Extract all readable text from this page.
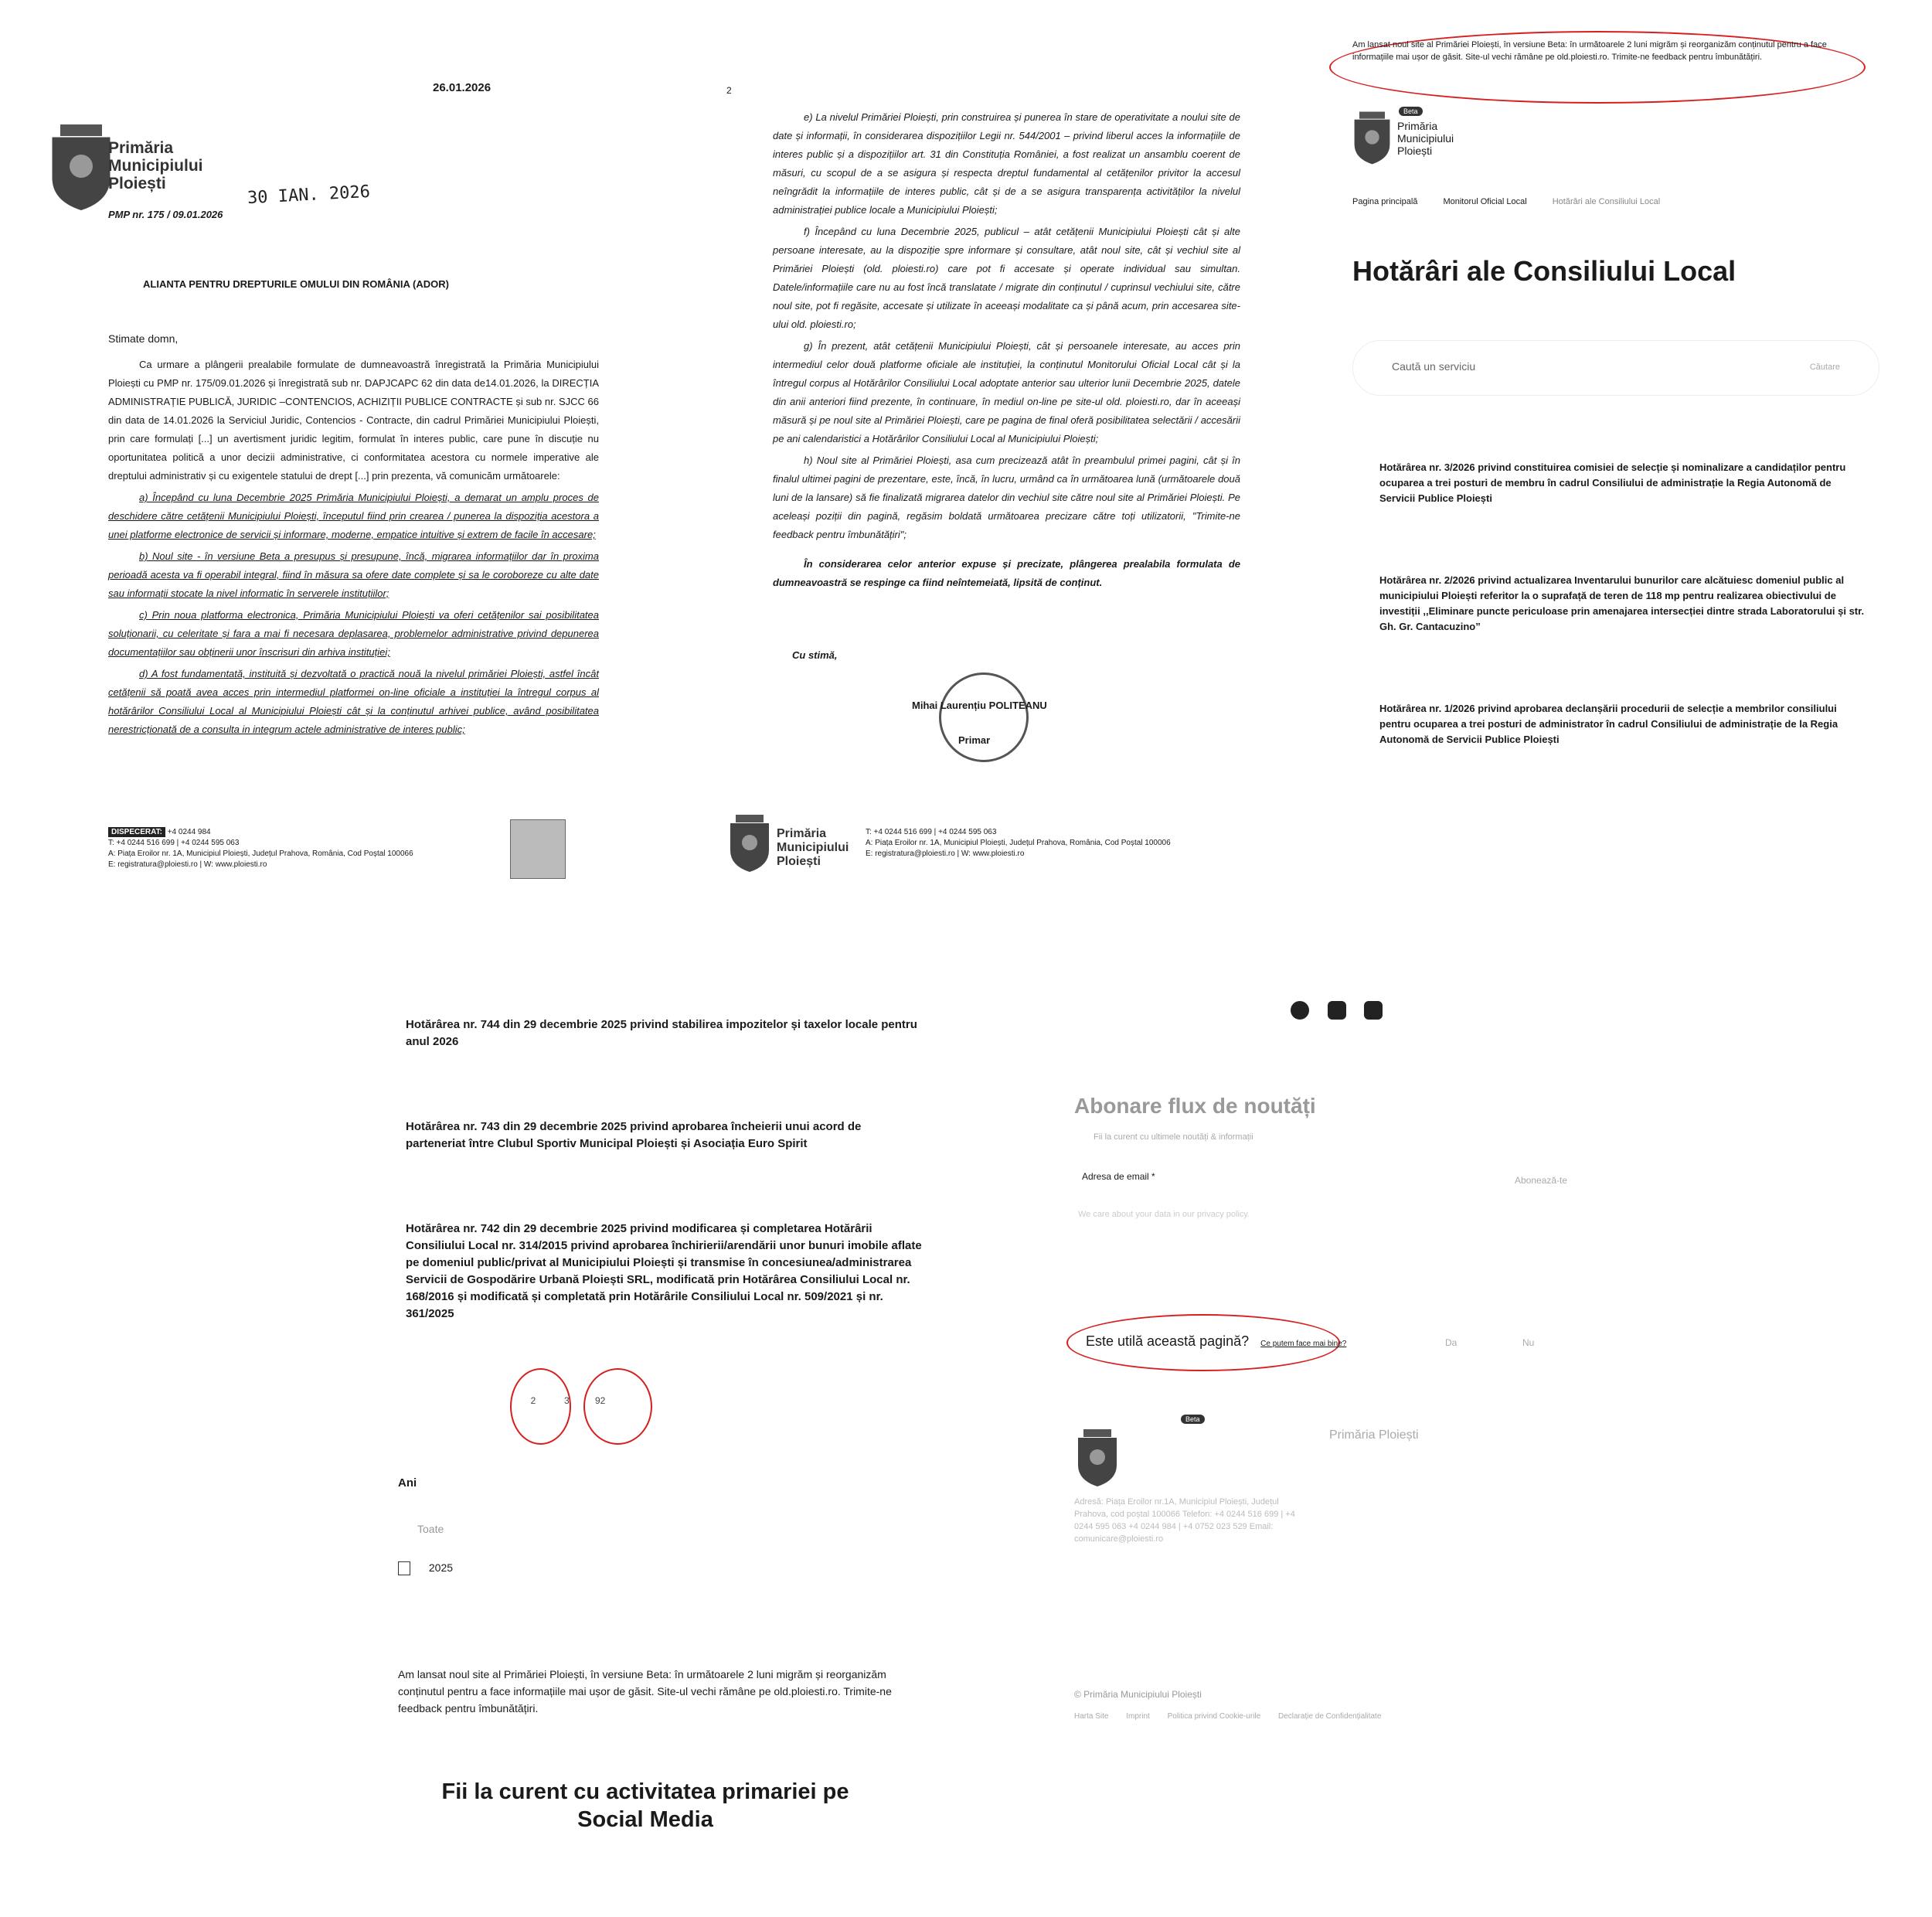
26.01.2026
Primăria
Municipiului
Ploiești	30 IAN. 2026
PMP nr. 175 / 09.01.2026
ALIANTA PENTRU DREPTURILE OMULUI DIN ROMÂNIA (ADOR)
Stimate domn,

Ca urmare a plângerii prealabile formulate de dumneavoastră înregistrată la Primăria Municipiului Ploiești cu PMP nr. 175/09.01.2026 și înregistrată sub nr. DAPJCAPC 62 din data de14.01.2026, la DIRECȚIA ADMINISTRAȚIE PUBLICĂ, JURIDIC –CONTENCIOS, ACHIZIȚII PUBLICE CONTRACTE și sub nr. SJCC 66 din data de 14.01.2026 la Serviciul Juridic, Contencios - Contracte, din cadrul Primăriei Municipiului Ploiești, prin care formulați [...] un avertisment juridic legitim, formulat în interes public, care pune în discuție nu oportunitatea politică a unor decizii administrative, ci conformitatea acestora cu normele imperative ale dreptului administrativ și cu exigentele statului de drept [...] prin prezenta, vă comunicăm următoarele:

a) Începând cu luna Decembrie 2025 Primăria Municipiului Ploiești, a demarat un amplu proces de deschidere către cetățenii Municipiului Ploiești, începutul fiind prin crearea / punerea la dispoziția acestora a unei platforme electronice de servicii și informare, moderne, empatice intuitive și extrem de facile în accesare;

b) Noul site - în versiune Beta a presupus și presupune, încă, migrarea informațiilor dar în proxima perioadă acesta va fi operabil integral, fiind în măsura sa ofere date complete și sa le coroboreze cu alte date sau informații stocate la nivel informatic în serverele instituțiilor;

c) Prin noua platforma electronica, Primăria Municipiului Ploiești va oferi cetățenilor sai posibilitatea soluționarii, cu celeritate și fara a mai fi necesara deplasarea, problemelor administrative privind depunerea documentațiilor sau obținerii unor înscrisuri din arhiva instituției;

d) A fost fundamentată, instituită și dezvoltată o practică nouă la nivelul primăriei Ploiești, astfel încât cetățenii să poată avea acces prin intermediul platformei on-line oficiale a instituției la întregul corpus al hotărârilor Consiliului Local al Municipiului Ploiești cât și la conținutul arhivei publice, având posibilitatea nerestricționată de a consulta in integrum actele administrative de interes public;

DISPECERAT: +4 0244 984
T: +4 0244 516 699 | +4 0244 595 063
A: Piața Eroilor nr. 1A, Municipiul Ploiești, Județul Prahova, România, Cod Poștal 100066
E: registratura@ploiesti.ro | W: www.ploiesti.ro
2

e) La nivelul Primăriei Ploiești, prin construirea și punerea în stare de operativitate a noului site de date și informații, în considerarea dispozițiilor Legii nr. 544/2001 – privind liberul acces la informațiile de interes public și a dispozițiilor art. 31 din Constituția României, a fost realizat un ansamblu coerent de măsuri, cu scopul de a se asigura și respecta dreptul fundamental al cetățenilor privitor la accesul neîngrădit la informațiile de interes public, cât și de a se asigura transparența activităților la nivelul administrației publice locale a Municipiului Ploiești;

f) Începând cu luna Decembrie 2025, publicul – atât cetățenii Municipiului Ploiești cât și alte persoane interesate, au la dispoziție spre informare și consultare, atât noul site, cât și vechiul site al Primăriei Ploiești (old. ploiesti.ro) care pot fi accesate și operate individual sau simultan. Datele/informațiile care nu au fost încă translatate / migrate din conținutul / cuprinsul vechiului site, către noul site, pot fi regăsite, accesate și utilizate în aceeași modalitate ca și până acum, prin accesarea site-ului old. ploiesti.ro;

g) În prezent, atât cetățenii Municipiului Ploiești, cât și persoanele interesate, au acces prin intermediul celor două platforme oficiale ale instituției, la conținutul Monitorului Oficial Local cât și la întregul corpus al Hotărârilor Consiliului Local adoptate anterior sau ulterior lunii Decembrie 2025, datele din anii anteriori fiind prezente, în continuare, în mediul on-line pe site-ul old. ploiesti.ro, dar în aceeași măsură și pe noul site al Primăriei Ploiești, care pe pagina de final oferă posibilitatea selectării / accesării pe ani calendaristici a Hotărârilor Consiliului Local al Municipiului Ploiești;

h) Noul site al Primăriei Ploiești, asa cum precizează atât în preambulul primei pagini, cât și în finalul ultimei pagini de prezentare, este, încă, în lucru, urmând ca în următoarea lună (următoarele două luni de la lansare) să fie finalizată migrarea datelor din vechiul site către noul site al Primăriei Ploiești. Pe aceleași poziții din pagină, regăsim boldată următoarea precizare către toți utilizatorii, "Trimite-ne feedback pentru îmbunătățiri";

În considerarea celor anterior expuse și precizate, plângerea prealabila formulata de dumneavoastră se respinge ca fiind neîntemeiată, lipsită de conținut.

Cu stimă,
Mihai Laurențiu POLITEANU
Primar
Primăria
Municipiului
Ploiești
T: +4 0244 516 699 | +4 0244 595 063
A: Piața Eroilor nr. 1A, Municipiul Ploiești, Județul Prahova, România, Cod Poștal 100006
E: registratura@ploiesti.ro | W: www.ploiesti.ro
Am lansat noul site al Primăriei Ploiești, în versiune Beta: în următoarele 2 luni migrăm și reorganizăm conținutul pentru a face informațiile mai ușor de găsit. Site-ul vechi rămâne pe old.ploiesti.ro. Trimite-ne feedback pentru îmbunătățiri.
Beta
Primăria
Municipiului
Ploiești
Pagina principală	Monitorul Oficial Local	Hotărâri ale Consiliului Local
Hotărâri ale Consiliului Local
Caută un serviciu	Căutare
Hotărârea nr. 3/2026 privind constituirea comisiei de selecție și nominalizare a candidaților pentru ocuparea a trei posturi de membru în cadrul Consiliului de administrație la Regia Autonomă de Servicii Publice Ploiești
Hotărârea nr. 2/2026 privind actualizarea Inventarului bunurilor care alcătuiesc domeniul public al municipiului Ploiești referitor la o suprafață de teren de 118 mp pentru realizarea obiectivului de investiții ,,Eliminare puncte periculoase prin amenajarea intersecției dintre strada Laboratorului și str. Gh. Gr. Cantacuzino”
Hotărârea nr. 1/2026 privind aprobarea declanșării procedurii de selecție a membrilor consiliului pentru ocuparea a trei posturi de administrator în cadrul Consiliului de administrație de la Regia Autonomă de Servicii Publice Ploiești
Hotărârea nr. 744 din 29 decembrie 2025 privind stabilirea impozitelor și taxelor locale pentru anul 2026
Hotărârea nr. 743 din 29 decembrie 2025 privind aprobarea încheierii unui acord de parteneriat între Clubul Sportiv Municipal Ploiești și Asociația Euro Spirit
Hotărârea nr. 742 din 29 decembrie 2025 privind modificarea și completarea Hotărârii Consiliului Local nr. 314/2015 privind aprobarea închirierii/arendării unor bunuri imobile aflate pe domeniul public/privat al Municipiului Ploiești și transmise în concesiunea/administrarea Servicii de Gospodărire Urbană Ploiești SRL, modificată prin Hotărârea Consiliului Local nr. 168/2016 și modificată și completată prin Hotărârile Consiliului Local nr. 509/2021 și nr. 361/2025
2	3	92
Ani
Toate
2025
Am lansat noul site al Primăriei Ploiești, în versiune Beta: în următoarele 2 luni migrăm și reorganizăm conținutul pentru a face informațiile mai ușor de găsit. Site-ul vechi rămâne pe old.ploiesti.ro. Trimite-ne feedback pentru îmbunătățiri.
Fii la curent cu activitatea primariei pe Social Media

Abonare flux de noutăți
Fii la curent cu ultimele noutăți & informații
Adresa de email *	Abonează-te
We care about your data in our privacy policy.
Este utilă această pagină? Ce putem face mai bine?	Da	Nu
Beta
Primăria Ploiești
Adresă: Piața Eroilor nr.1A, Municipiul Ploiești, Județul Prahova, cod poștal 100066 Telefon: +4 0244 516 699 | +4 0244 595 063 +4 0244 984 | +4 0752 023 529 Email: comunicare@ploiesti.ro
© Primăria Municipiului Ploiești
Harta Site Imprint Politica privind Cookie-urile Declarație de Confidențialitate
